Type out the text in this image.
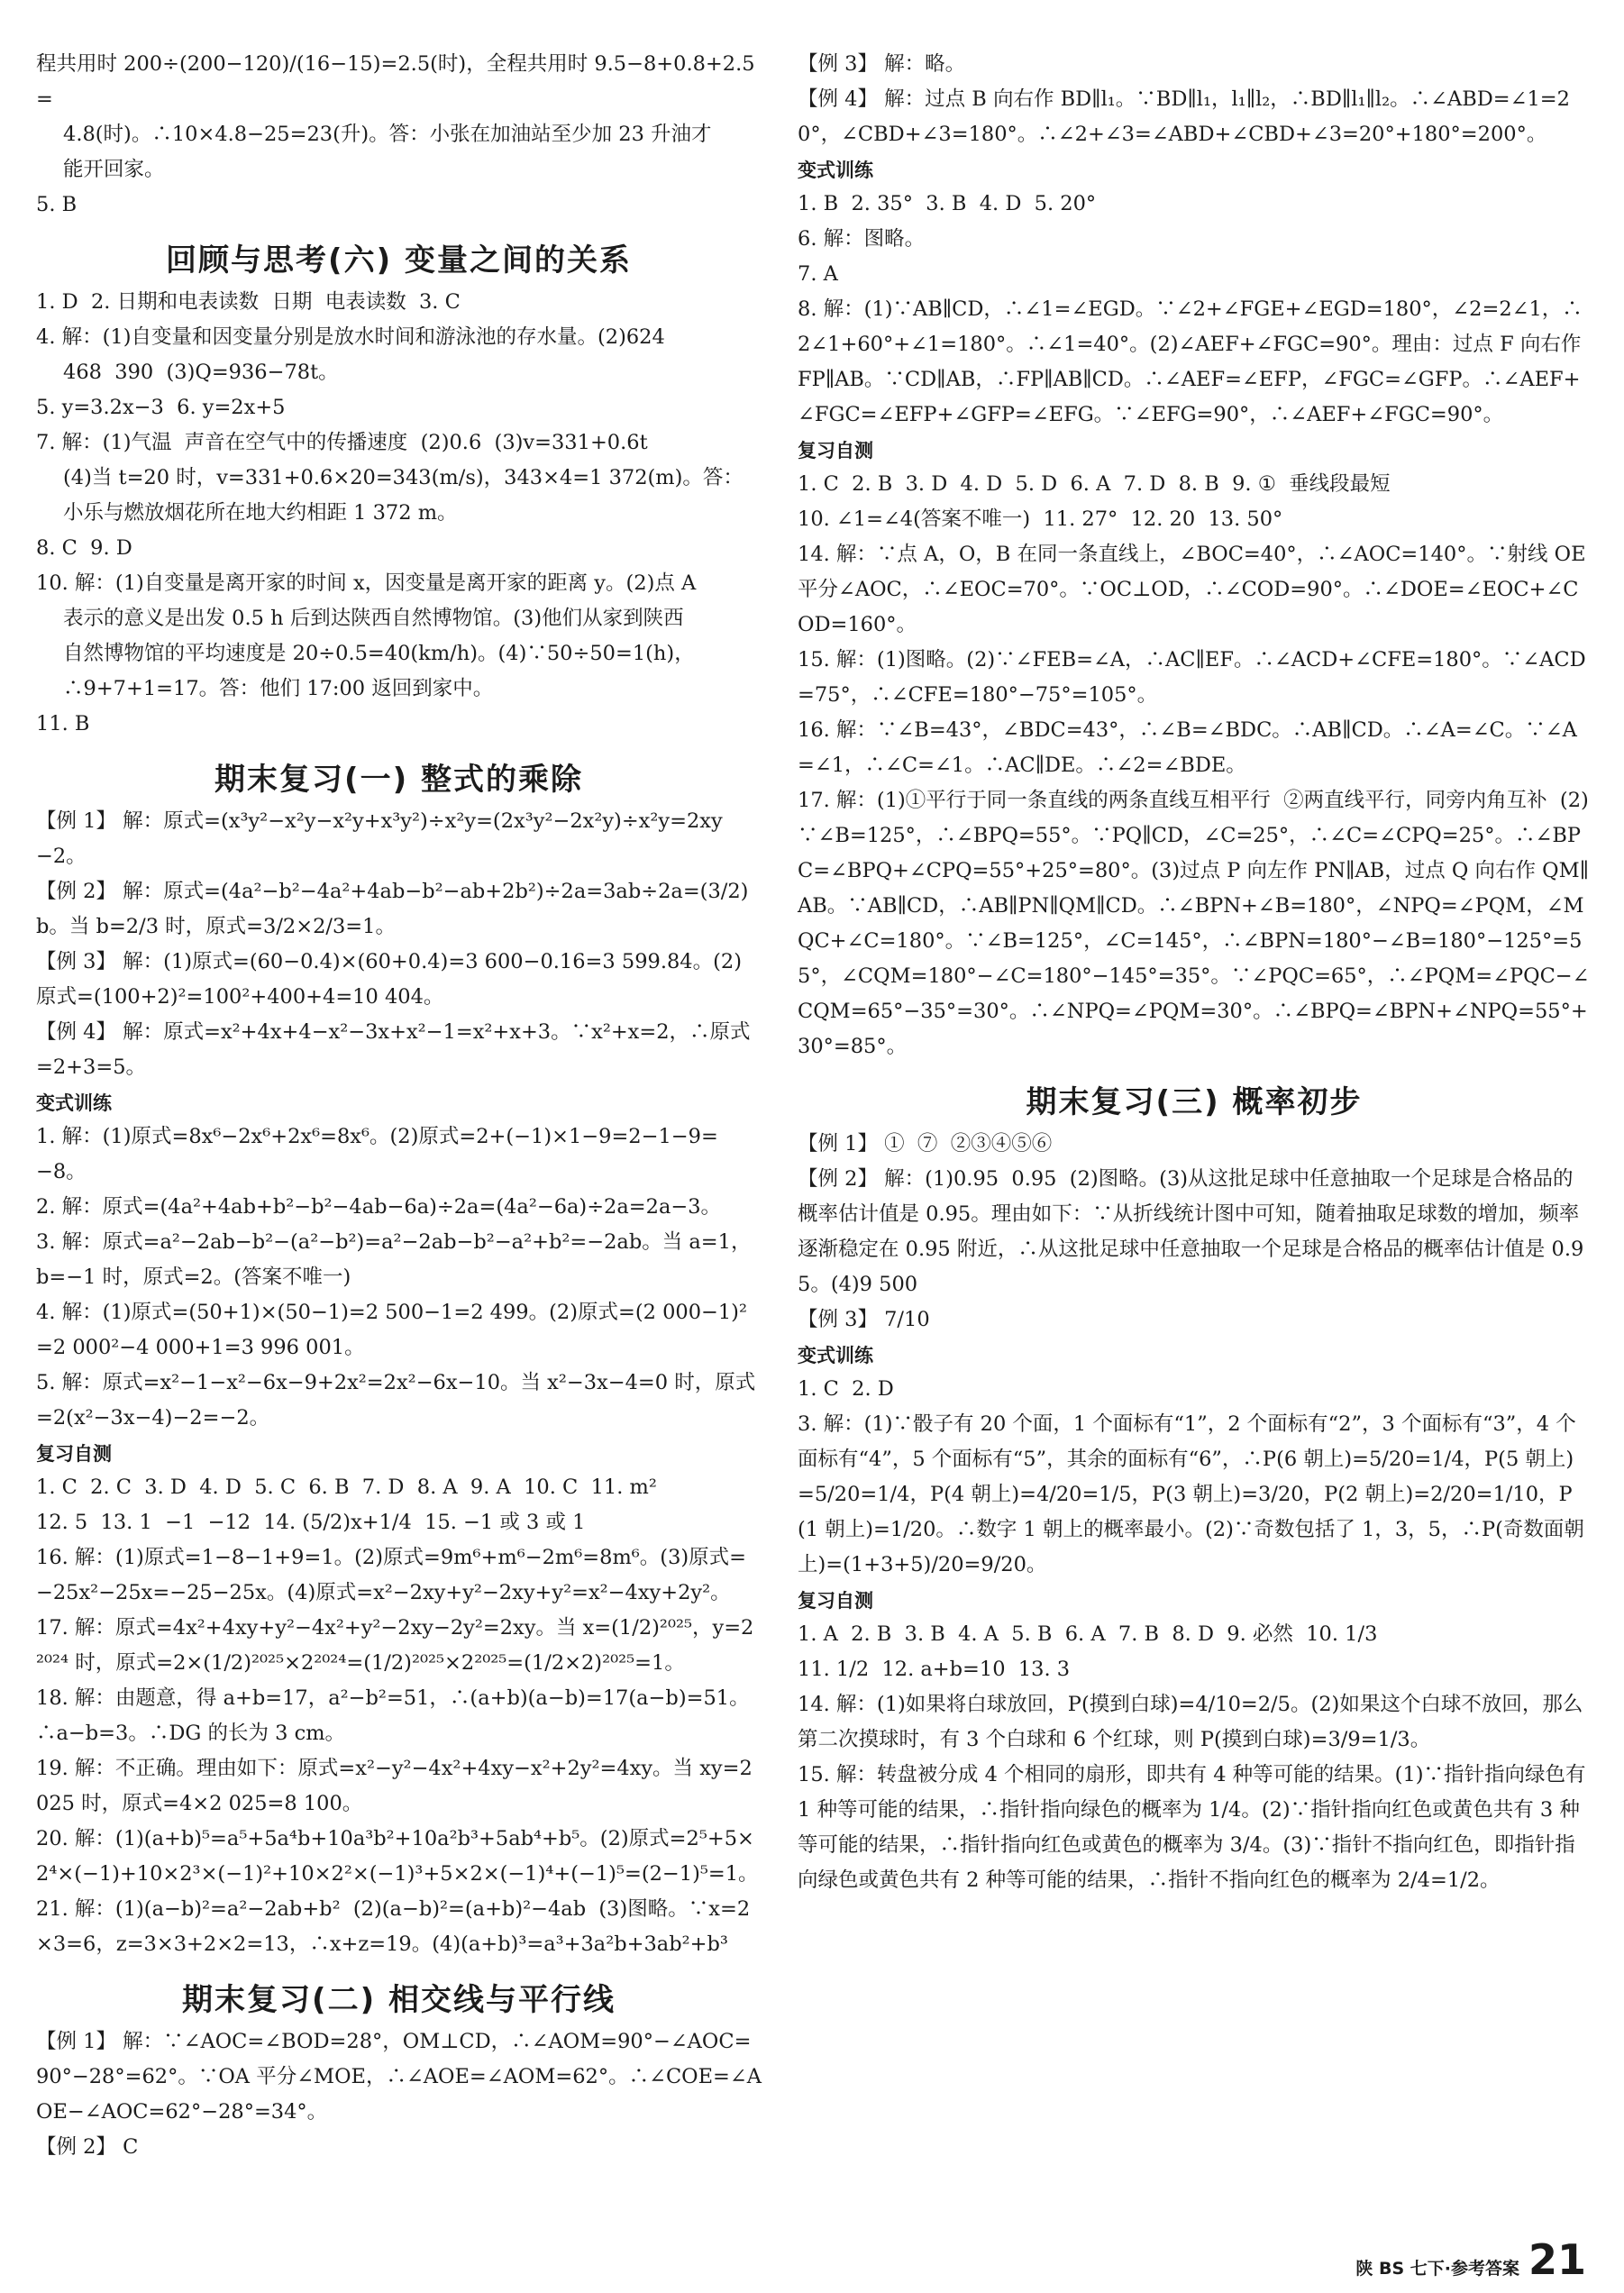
程共用时 200÷(200−120)/(16−15)=2.5(时)，全程共用时 9.5−8+0.8+2.5=
4.8(时)。∴10×4.8−25=23(升)。答：小张在加油站至少加 23 升油才
能开回家。
5. B
回顾与思考(六) 变量之间的关系
1. D  2. 日期和电表读数  日期  电表读数  3. C
4. 解：(1)自变量和因变量分别是放水时间和游泳池的存水量。(2)624
468  390  (3)Q=936−78t。
5. y=3.2x−3  6. y=2x+5
7. 解：(1)气温  声音在空气中的传播速度  (2)0.6  (3)v=331+0.6t
(4)当 t=20 时，v=331+0.6×20=343(m/s)，343×4=1 372(m)。答：
小乐与燃放烟花所在地大约相距 1 372 m。
8. C  9. D
10. 解：(1)自变量是离开家的时间 x，因变量是离开家的距离 y。(2)点 A
表示的意义是出发 0.5 h 后到达陕西自然博物馆。(3)他们从家到陕西
自然博物馆的平均速度是 20÷0.5=40(km/h)。(4)∵50÷50=1(h)，
∴9+7+1=17。答：他们 17:00 返回到家中。
11. B
期末复习(一) 整式的乘除
【例 1】 解：原式=(x³y²−x²y−x²y+x³y²)÷x²y=(2x³y²−2x²y)÷x²y=2xy−2。
【例 2】 解：原式=(4a²−b²−4a²+4ab−b²−ab+2b²)÷2a=3ab÷2a=(3/2)b。当 b=2/3 时，原式=3/2×2/3=1。
【例 3】 解：(1)原式=(60−0.4)×(60+0.4)=3 600−0.16=3 599.84。(2)原式=(100+2)²=100²+400+4=10 404。
【例 4】 解：原式=x²+4x+4−x²−3x+x²−1=x²+x+3。∵x²+x=2，∴原式=2+3=5。
变式训练
1. 解：(1)原式=8x⁶−2x⁶+2x⁶=8x⁶。(2)原式=2+(−1)×1−9=2−1−9=−8。
2. 解：原式=(4a²+4ab+b²−b²−4ab−6a)÷2a=(4a²−6a)÷2a=2a−3。
3. 解：原式=a²−2ab−b²−(a²−b²)=a²−2ab−b²−a²+b²=−2ab。当 a=1，b=−1 时，原式=2。(答案不唯一)
4. 解：(1)原式=(50+1)×(50−1)=2 500−1=2 499。(2)原式=(2 000−1)²=2 000²−4 000+1=3 996 001。
5. 解：原式=x²−1−x²−6x−9+2x²=2x²−6x−10。当 x²−3x−4=0 时，原式=2(x²−3x−4)−2=−2。
复习自测
1. C  2. C  3. D  4. D  5. C  6. B  7. D  8. A  9. A  10. C  11. m²
12. 5  13. 1  −1  −12  14. (5/2)x+1/4  15. −1 或 3 或 1
16. 解：(1)原式=1−8−1+9=1。(2)原式=9m⁶+m⁶−2m⁶=8m⁶。(3)原式=−25x²−25x=−25−25x。(4)原式=x²−2xy+y²−2xy+y²=x²−4xy+2y²。
17. 解：原式=4x²+4xy+y²−4x²+y²−2xy−2y²=2xy。当 x=(1/2)²⁰²⁵，y=2²⁰²⁴ 时，原式=2×(1/2)²⁰²⁵×2²⁰²⁴=(1/2)²⁰²⁵×2²⁰²⁵=(1/2×2)²⁰²⁵=1。
18. 解：由题意，得 a+b=17，a²−b²=51，∴(a+b)(a−b)=17(a−b)=51。∴a−b=3。∴DG 的长为 3 cm。
19. 解：不正确。理由如下：原式=x²−y²−4x²+4xy−x²+2y²=4xy。当 xy=2 025 时，原式=4×2 025=8 100。
20. 解：(1)(a+b)⁵=a⁵+5a⁴b+10a³b²+10a²b³+5ab⁴+b⁵。(2)原式=2⁵+5×2⁴×(−1)+10×2³×(−1)²+10×2²×(−1)³+5×2×(−1)⁴+(−1)⁵=(2−1)⁵=1。
21. 解：(1)(a−b)²=a²−2ab+b²  (2)(a−b)²=(a+b)²−4ab  (3)图略。∵x=2×3=6，z=3×3+2×2=13，∴x+z=19。(4)(a+b)³=a³+3a²b+3ab²+b³
期末复习(二) 相交线与平行线
【例 1】 解：∵∠AOC=∠BOD=28°，OM⊥CD，∴∠AOM=90°−∠AOC=90°−28°=62°。∵OA 平分∠MOE，∴∠AOE=∠AOM=62°。∴∠COE=∠AOE−∠AOC=62°−28°=34°。
【例 2】 C
【例 3】 解：略。
【例 4】 解：过点 B 向右作 BD∥l₁。∵BD∥l₁，l₁∥l₂，∴BD∥l₁∥l₂。∴∠ABD=∠1=20°，∠CBD+∠3=180°。∴∠2+∠3=∠ABD+∠CBD+∠3=20°+180°=200°。
变式训练
1. B  2. 35°  3. B  4. D  5. 20°
6. 解：图略。
7. A
8. 解：(1)∵AB∥CD，∴∠1=∠EGD。∵∠2+∠FGE+∠EGD=180°，∠2=2∠1，∴2∠1+60°+∠1=180°。∴∠1=40°。(2)∠AEF+∠FGC=90°。理由：过点 F 向右作 FP∥AB。∵CD∥AB，∴FP∥AB∥CD。∴∠AEF=∠EFP，∠FGC=∠GFP。∴∠AEF+∠FGC=∠EFP+∠GFP=∠EFG。∵∠EFG=90°，∴∠AEF+∠FGC=90°。
复习自测
1. C  2. B  3. D  4. D  5. D  6. A  7. D  8. B  9. ①  垂线段最短
10. ∠1=∠4(答案不唯一)  11. 27°  12. 20  13. 50°
14. 解：∵点 A，O，B 在同一条直线上，∠BOC=40°，∴∠AOC=140°。∵射线 OE 平分∠AOC，∴∠EOC=70°。∵OC⊥OD，∴∠COD=90°。∴∠DOE=∠EOC+∠COD=160°。
15. 解：(1)图略。(2)∵∠FEB=∠A，∴AC∥EF。∴∠ACD+∠CFE=180°。∵∠ACD=75°，∴∠CFE=180°−75°=105°。
16. 解：∵∠B=43°，∠BDC=43°，∴∠B=∠BDC。∴AB∥CD。∴∠A=∠C。∵∠A=∠1，∴∠C=∠1。∴AC∥DE。∴∠2=∠BDE。
17. 解：(1)①平行于同一条直线的两条直线互相平行  ②两直线平行，同旁内角互补  (2)∵∠B=125°，∴∠BPQ=55°。∵PQ∥CD，∠C=25°，∴∠C=∠CPQ=25°。∴∠BPC=∠BPQ+∠CPQ=55°+25°=80°。(3)过点 P 向左作 PN∥AB，过点 Q 向右作 QM∥AB。∵AB∥CD，∴AB∥PN∥QM∥CD。∴∠BPN+∠B=180°，∠NPQ=∠PQM，∠MQC+∠C=180°。∵∠B=125°，∠C=145°，∴∠BPN=180°−∠B=180°−125°=55°，∠CQM=180°−∠C=180°−145°=35°。∵∠PQC=65°，∴∠PQM=∠PQC−∠CQM=65°−35°=30°。∴∠NPQ=∠PQM=30°。∴∠BPQ=∠BPN+∠NPQ=55°+30°=85°。
期末复习(三) 概率初步
【例 1】 ①  ⑦  ②③④⑤⑥
【例 2】 解：(1)0.95  0.95  (2)图略。(3)从这批足球中任意抽取一个足球是合格品的概率估计值是 0.95。理由如下：∵从折线统计图中可知，随着抽取足球数的增加，频率逐渐稳定在 0.95 附近，∴从这批足球中任意抽取一个足球是合格品的概率估计值是 0.95。(4)9 500
【例 3】 7/10
变式训练
1. C  2. D
3. 解：(1)∵骰子有 20 个面，1 个面标有“1”，2 个面标有“2”，3 个面标有“3”，4 个面标有“4”，5 个面标有“5”，其余的面标有“6”，∴P(6 朝上)=5/20=1/4，P(5 朝上)=5/20=1/4，P(4 朝上)=4/20=1/5，P(3 朝上)=3/20，P(2 朝上)=2/20=1/10，P(1 朝上)=1/20。∴数字 1 朝上的概率最小。(2)∵奇数包括了 1，3，5，∴P(奇数面朝上)=(1+3+5)/20=9/20。
复习自测
1. A  2. B  3. B  4. A  5. B  6. A  7. B  8. D  9. 必然  10. 1/3
11. 1/2  12. a+b=10  13. 3
14. 解：(1)如果将白球放回，P(摸到白球)=4/10=2/5。(2)如果这个白球不放回，那么第二次摸球时，有 3 个白球和 6 个红球，则 P(摸到白球)=3/9=1/3。
15. 解：转盘被分成 4 个相同的扇形，即共有 4 种等可能的结果。(1)∵指针指向绿色有 1 种等可能的结果，∴指针指向绿色的概率为 1/4。(2)∵指针指向红色或黄色共有 3 种等可能的结果，∴指针指向红色或黄色的概率为 3/4。(3)∵指针不指向红色，即指针指向绿色或黄色共有 2 种等可能的结果，∴指针不指向红色的概率为 2/4=1/2。
陕 BS 七下·参考答案 21
